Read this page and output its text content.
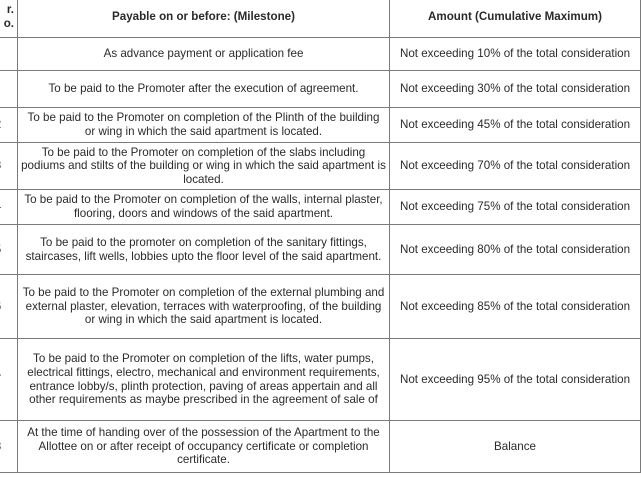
r.
o.	Payable on or before: (Milestone)	Amount (Cumulative Maximum)
	As advance payment or application fee	Not exceeding 10% of the total consideration
	To be paid to the Promoter after the execution of agreement.	Not exceeding 30% of the total consideration
	To be paid to the Promoter on completion of the Plinth of the building or wing in which the said apartment is located.	Not exceeding 45% of the total consideration
	To be paid to the Promoter on completion of the slabs including podiums and stilts of the building or wing in which the said apartment is located.	Not exceeding 70% of the total consideration
	To be paid to the Promoter on completion of the walls, internal plaster, flooring, doors and windows of the said apartment.	Not exceeding 75% of the total consideration
	To be paid to the promoter on completion of the sanitary fittings, staircases, lift wells, lobbies upto the floor level of the said apartment.	Not exceeding 80% of the total consideration
	To be paid to the Promoter on completion of the external plumbing and external plaster, elevation, terraces with waterproofing, of the building or wing in which the said apartment is located.	Not exceeding 85% of the total consideration
	To be paid to the Promoter on completion of the lifts, water pumps, electrical fittings, electro, mechanical and environment requirements, entrance lobby/s, plinth protection, paving of areas appertain and all other requirements as maybe prescribed in the agreement of sale of	Not exceeding 95% of the total consideration
	At the time of handing over of the possession of the Apartment to the Allottee on or after receipt of occupancy certificate or completion certificate.	Balance
